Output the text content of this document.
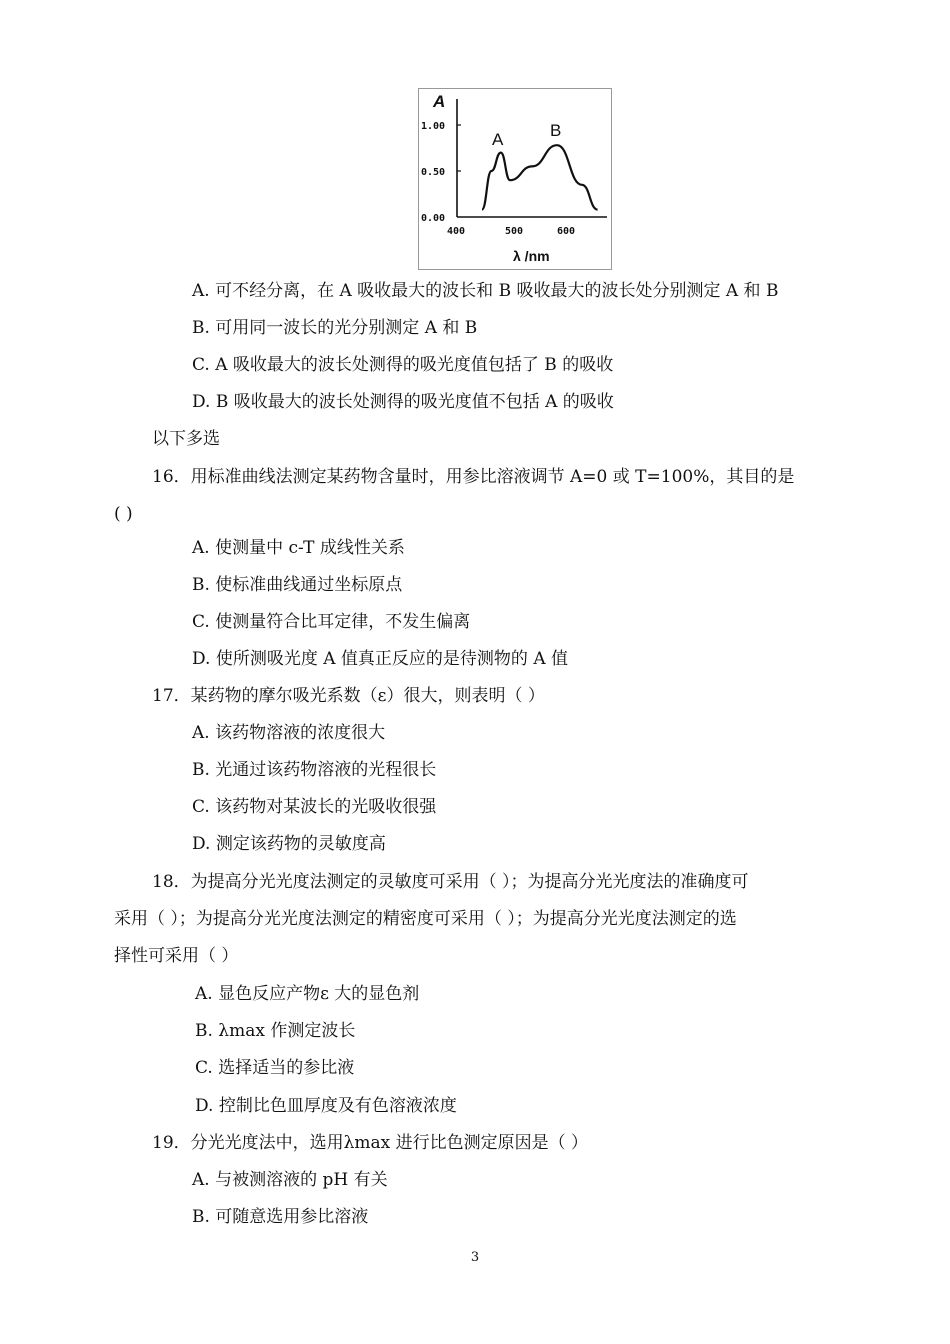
A
1.00
0.50
0.00
400	500	600
λ /nm
A	B
A. 可不经分离，在 A 吸收最大的波长和 B 吸收最大的波长处分别测定 A 和 B
B. 可用同一波长的光分别测定 A 和 B
C. A 吸收最大的波长处测得的吸光度值包括了 B 的吸收
D. B 吸收最大的波长处测得的吸光度值不包括 A 的吸收
以下多选
16．用标准曲线法测定某药物含量时，用参比溶液调节 A=0 或 T=100%，其目的是
( )
A. 使测量中 c-T 成线性关系
B. 使标准曲线通过坐标原点
C. 使测量符合比耳定律，不发生偏离
D. 使所测吸光度 A 值真正反应的是待测物的 A 值
17．某药物的摩尔吸光系数（ε）很大，则表明（ ）
A. 该药物溶液的浓度很大
B. 光通过该药物溶液的光程很长
C. 该药物对某波长的光吸收很强
D. 测定该药物的灵敏度高
18．为提高分光光度法测定的灵敏度可采用（ ）；为提高分光光度法的准确度可
采用（ ）；为提高分光光度法测定的精密度可采用（ ）；为提高分光光度法测定的选
择性可采用（ ）
A. 显色反应产物ε 大的显色剂
B. λmax 作测定波长
C. 选择适当的参比液
D. 控制比色皿厚度及有色溶液浓度
19．分光光度法中，选用λmax 进行比色测定原因是（ ）
A. 与被测溶液的 pH 有关
B. 可随意选用参比溶液
3
